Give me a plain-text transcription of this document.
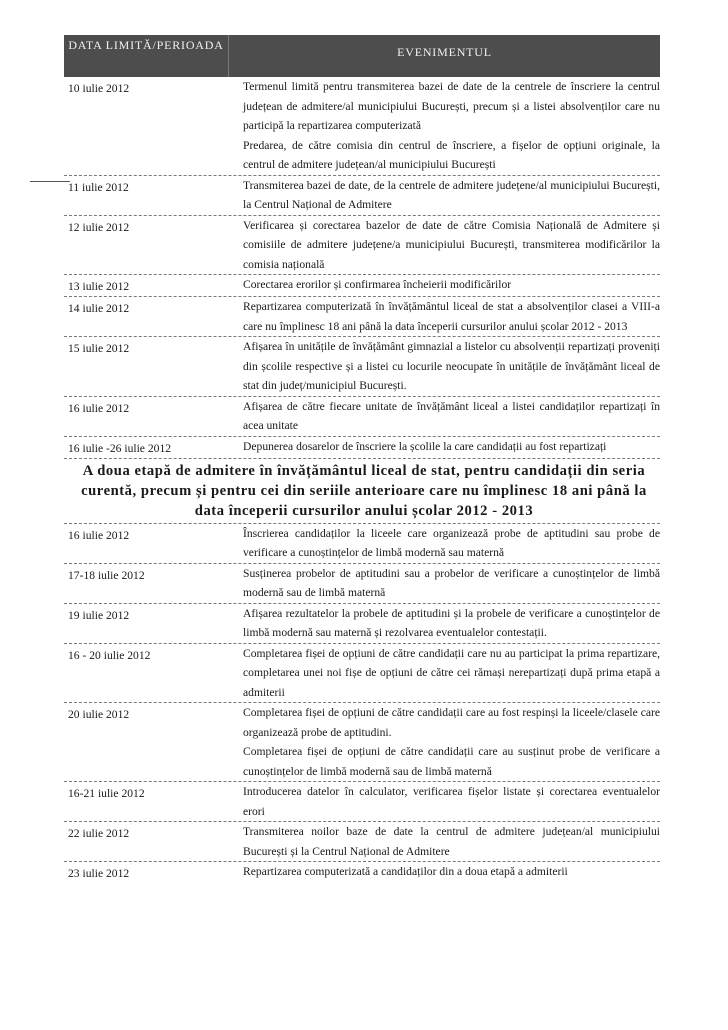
DATA LIMITĂ/PERIOADA	EVENIMENTUL
10 iulie 2012	Termenul limită pentru transmiterea bazei de date de la centrele de înscriere la centrul județean de admitere/al municipiului București, precum și a listei absolvenților care nu participă la repartizarea computerizată
Predarea, de către comisia din centrul de înscriere, a fișelor de opțiuni originale, la centrul de admitere județean/al municipiului București
11 iulie 2012	Transmiterea bazei de date, de la centrele de admitere județene/al municipiului București, la Centrul Național de Admitere
12 iulie 2012	Verificarea și corectarea bazelor de date de către Comisia Națională de Admitere și comisiile de admitere județene/a municipiului București, transmiterea modificărilor la comisia națională
13 iulie 2012	Corectarea erorilor și confirmarea încheierii modificărilor
14 iulie 2012	Repartizarea computerizată în învățământul liceal de stat a absolvenților clasei a VIII-a care nu împlinesc 18 ani până la data începerii cursurilor anului școlar 2012 - 2013
15 iulie 2012	Afișarea în unitățile de învățământ gimnazial a listelor cu absolvenții repartizați proveniți din școlile respective și a listei cu locurile neocupate în unitățile de învățământ liceal de stat din județ/municipiul București.
16 iulie 2012	Afișarea de către fiecare unitate de învățământ liceal a listei candidaților repartizați în acea unitate
16 iulie -26 iulie 2012	Depunerea dosarelor de înscriere la școlile la care candidații au fost repartizați
A doua etapă de admitere în învățământul liceal de stat, pentru candidații din seria
curentă, precum și pentru cei din seriile anterioare care nu împlinesc 18 ani până la
data începerii cursurilor anului școlar 2012 - 2013
16 iulie 2012	Înscrierea candidaților la liceele care organizează probe de aptitudini sau probe de verificare a cunoștințelor de limbă modernă sau maternă
17-18 iulie 2012	Susținerea probelor de aptitudini sau a probelor de verificare a cunoștințelor de limbă modernă sau de limbă maternă
19 iulie 2012	Afișarea rezultatelor la probele de aptitudini și la probele de verificare a cunoștințelor de limbă modernă sau maternă și rezolvarea eventualelor contestații.
16 - 20 iulie 2012	Completarea fișei de opțiuni de către candidații care nu au participat la prima repartizare, completarea unei noi fișe de opțiuni de către cei rămași nerepartizați după prima etapă a admiterii
20 iulie 2012	Completarea fișei de opțiuni de către candidații care au fost respinși la liceele/clasele care organizează probe de aptitudini.
Completarea fișei de opțiuni de către candidații care au susținut probe de verificare a cunoștințelor de limbă modernă sau de limbă maternă
16-21 iulie 2012	Introducerea datelor în calculator, verificarea fișelor listate și corectarea eventualelor erori
22 iulie 2012	Transmiterea noilor baze de date la centrul de admitere județean/al municipiului București și la Centrul Național de Admitere
23 iulie 2012	Repartizarea computerizată a candidaților din a doua etapă a admiterii
